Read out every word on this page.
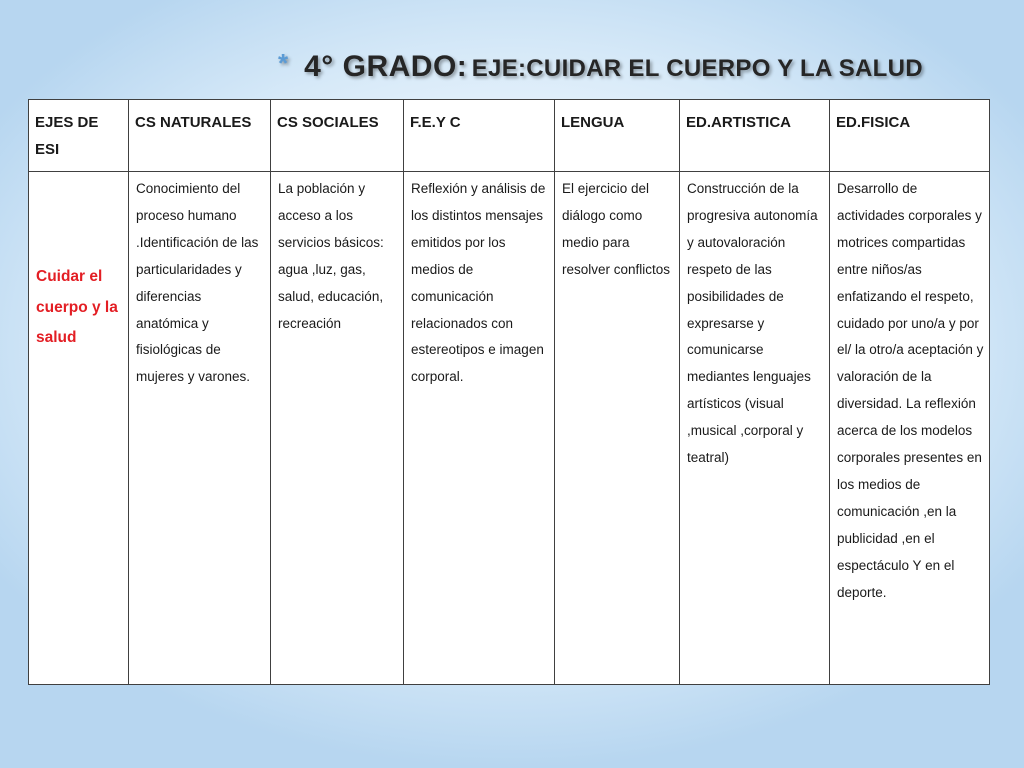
* 4° GRADO: EJE:CUIDAR EL CUERPO Y LA SALUD
EJES DE ESI	CS NATURALES	CS SOCIALES	F.E.Y C	LENGUA	ED.ARTISTICA	ED.FISICA

Cuidar el cuerpo y la salud	Conocimiento del proceso humano .Identificación de las particularidades y diferencias anatómica y fisiológicas de mujeres y varones.	La población y acceso a los servicios básicos: agua ,luz, gas, salud, educación, recreación	Reflexión y análisis de los distintos mensajes emitidos por los medios de comunicación relacionados con estereotipos e imagen corporal.	El ejercicio del diálogo como medio para resolver conflictos	Construcción de la progresiva autonomía y autovaloración respeto de las posibilidades de expresarse y comunicarse mediantes lenguajes artísticos (visual ,musical ,corporal y teatral)	Desarrollo de actividades corporales y motrices compartidas entre niños/as enfatizando el respeto, cuidado por uno/a y por el/ la otro/a aceptación y valoración de la diversidad. La reflexión acerca de los modelos corporales presentes en los medios de comunicación ,en la publicidad ,en el espectáculo Y en el deporte.
